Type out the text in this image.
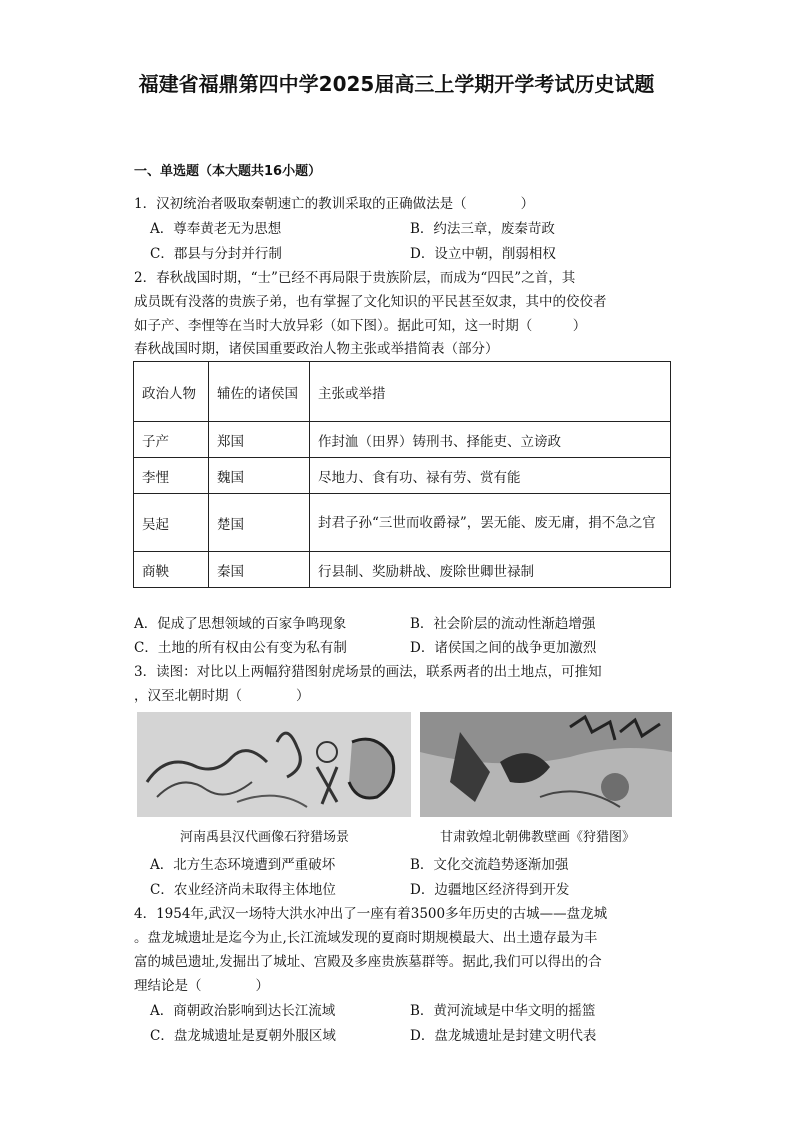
福建省福鼎第四中学2025届高三上学期开学考试历史试题
一、单选题（本大题共16小题）
1．汉初统治者吸取秦朝速亡的教训采取的正确做法是（　　　　）
A．尊奉黄老无为思想	B．约法三章，废秦苛政
C．郡县与分封并行制	D．设立中朝，削弱相权
2．春秋战国时期，“士”已经不再局限于贵族阶层，而成为“四民”之首，其
成员既有没落的贵族子弟，也有掌握了文化知识的平民甚至奴隶，其中的佼佼者
如子产、李悝等在当时大放异彩（如下图）。据此可知，这一时期（　　　）
春秋战国时期，诸侯国重要政治人物主张或举措简表（部分）
政治人物	辅佐的诸侯国	主张或举措
子产	郑国	作封洫（田界）铸刑书、择能吏、立谤政
李悝	魏国	尽地力、食有功、禄有劳、赏有能
吴起	楚国	封君子孙“三世而收爵禄”，罢无能、废无庸，捐不急之官
商鞅	秦国	行县制、奖励耕战、废除世卿世禄制
A．促成了思想领域的百家争鸣现象	B．社会阶层的流动性渐趋增强
C．土地的所有权由公有变为私有制	D．诸侯国之间的战争更加激烈
3．读图：对比以上两幅狩猎图射虎场景的画法，联系两者的出土地点，可推知
，汉至北朝时期（　　　　）
河南禹县汉代画像石狩猎场景	甘肃敦煌北朝佛教壁画《狩猎图》
A．北方生态环境遭到严重破坏	B．文化交流趋势逐渐加强
C．农业经济尚未取得主体地位	D．边疆地区经济得到开发
4．1954年,武汉一场特大洪水冲出了一座有着3500多年历史的古城——盘龙城
。盘龙城遗址是迄今为止,长江流域发现的夏商时期规模最大、出土遗存最为丰
富的城邑遗址,发掘出了城址、宫殿及多座贵族墓群等。据此,我们可以得出的合
理结论是（　　　　）
A．商朝政治影响到达长江流域	B．黄河流域是中华文明的摇篮
C．盘龙城遗址是夏朝外服区域	D．盘龙城遗址是封建文明代表
